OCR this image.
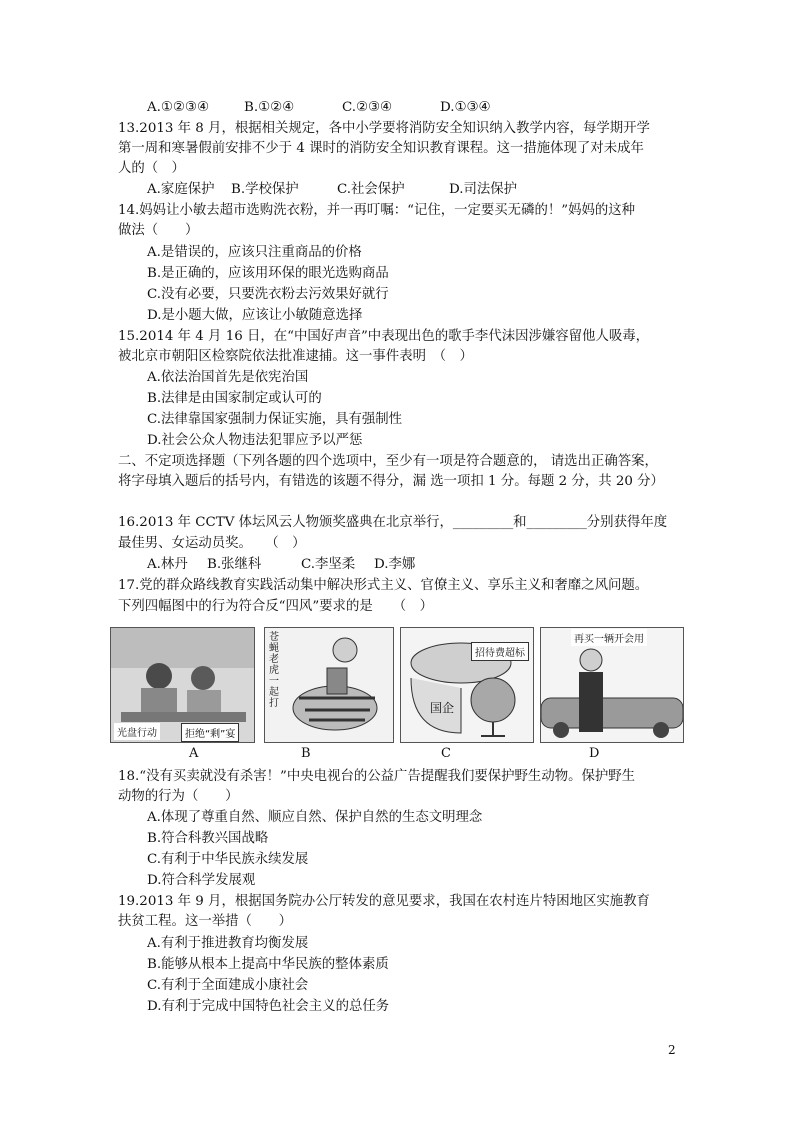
A.①②③④	B.①②④	C.②③④	D.①③④
13.2013 年 8 月，根据相关规定，各中小学要将消防安全知识纳入教学内容，每学期开学
第一周和寒暑假前安排不少于 4 课时的消防安全知识教育课程。这一措施体现了对未成年
人的（　）
A.家庭保护	B.学校保护	C.社会保护	D.司法保护
14.妈妈让小敏去超市选购洗衣粉，并一再叮嘱：“记住，一定要买无磷的！”妈妈的这种
做法（　　）
A.是错误的，应该只注重商品的价格
B.是正确的，应该用环保的眼光选购商品
C.没有必要，只要洗衣粉去污效果好就行
D.是小题大做，应该让小敏随意选择
15.2014 年 4 月 16 日，在“中国好声音”中表现出色的歌手李代沫因涉嫌容留他人吸毒，
被北京市朝阳区检察院依法批准逮捕。这一事件表明　（　）
A.依法治国首先是依宪治国
B.法律是由国家制定或认可的
C.法律靠国家强制力保证实施，具有强制性
D.社会公众人物违法犯罪应予以严惩
二、不定项选择题（下列各题的四个选项中，至少有一项是符合题意的， 请选出正确答案，
将字母填入题后的括号内，有错选的该题不得分，漏 选一项扣 1 分。每题 2 分，共 20 分）
16.2013 年 CCTV 体坛风云人物颁奖盛典在北京举行，_________和_________分别获得年度
最佳男、女运动员奖。　　（　）
A.林丹	B.张继科	C.李坚柔	D.李娜
17.党的群众路线教育实践活动集中解决形式主义、官僚主义、享乐主义和奢靡之风问题。
下列四幅图中的行为符合反“四风”要求的是　　（　）
光盘行动	拒绝“剩”宴
苍蝇老虎一起打
招待费超标
国企
再买一辆开会用
A	B	C	D
18.“没有买卖就没有杀害！”中央电视台的公益广告提醒我们要保护野生动物。保护野生
动物的行为（　　）
A.体现了尊重自然、顺应自然、保护自然的生态文明理念
B.符合科教兴国战略
C.有利于中华民族永续发展
D.符合科学发展观
19.2013 年 9 月，根据国务院办公厅转发的意见要求，我国在农村连片特困地区实施教育
扶贫工程。这一举措（　　）
A.有利于推进教育均衡发展
B.能够从根本上提高中华民族的整体素质
C.有利于全面建成小康社会
D.有利于完成中国特色社会主义的总任务
2
